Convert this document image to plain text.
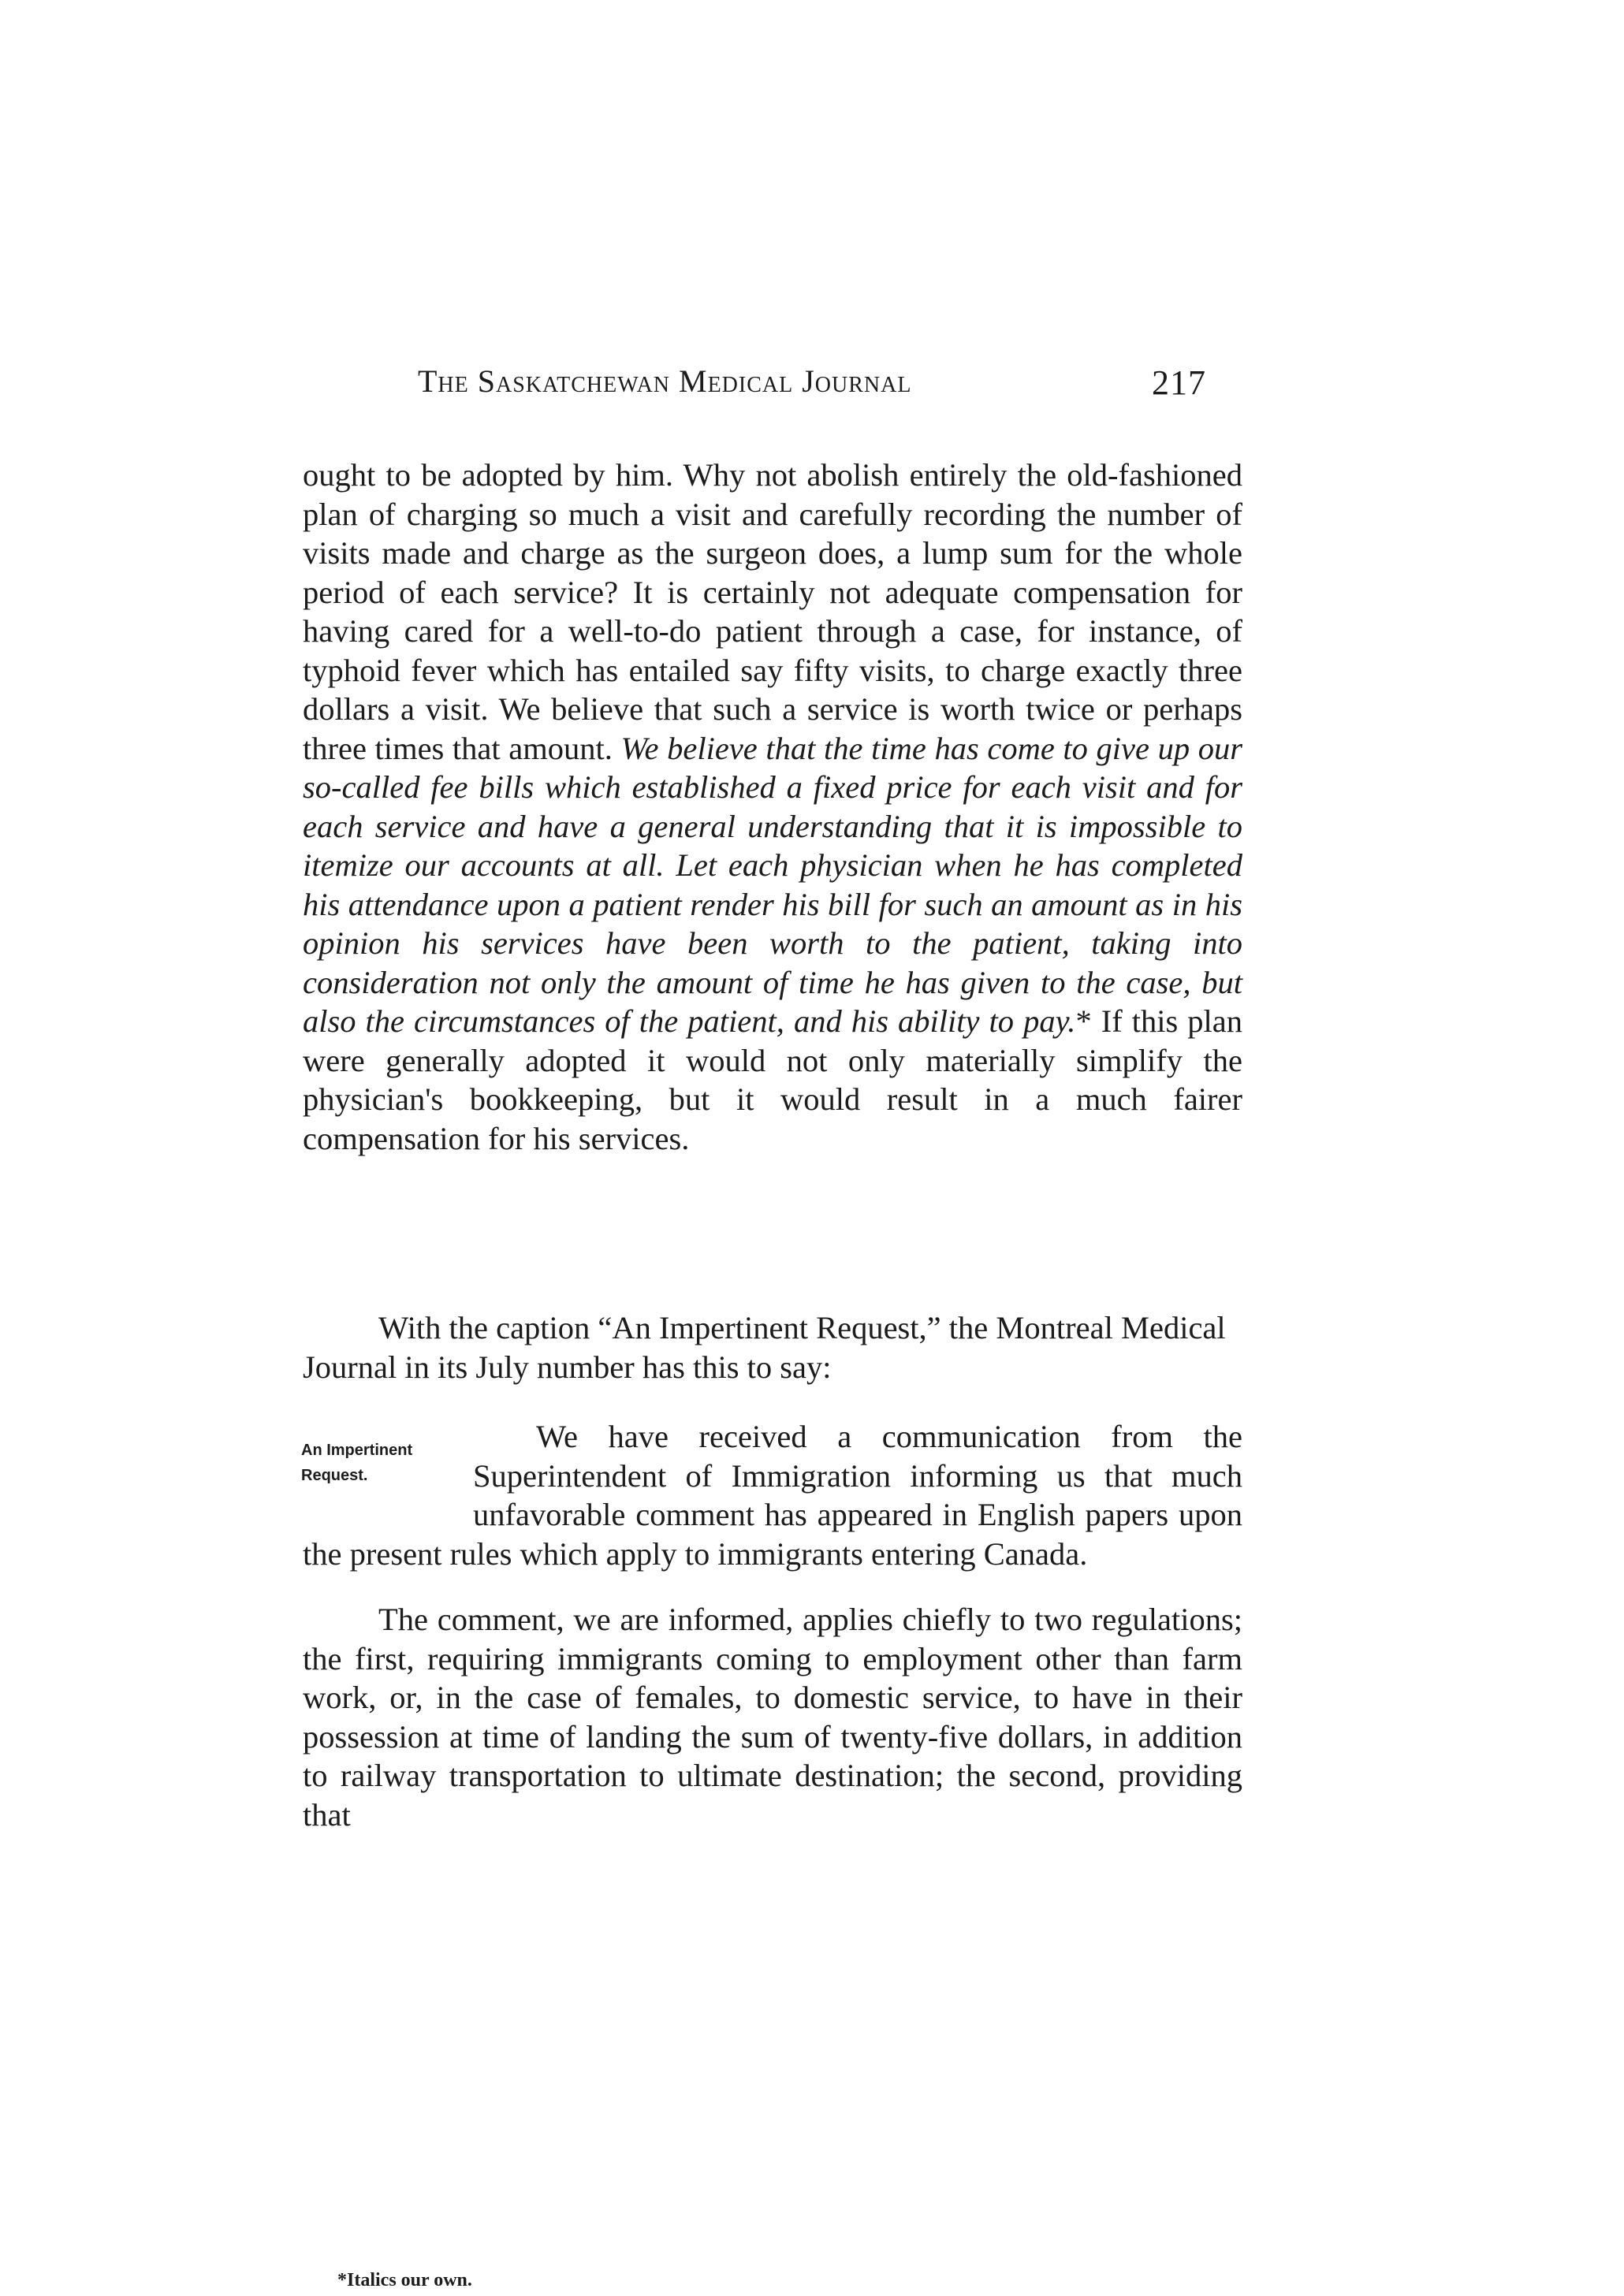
The Saskatchewan Medical Journal	217
ought to be adopted by him. Why not abolish entirely the old-fashioned plan of charging so much a visit and carefully recording the number of visits made and charge as the surgeon does, a lump sum for the whole period of each service? It is certainly not adequate compensation for having cared for a well-to-do patient through a case, for instance, of typhoid fever which has entailed say fifty visits, to charge exactly three dollars a visit. We believe that such a service is worth twice or perhaps three times that amount. We believe that the time has come to give up our so-called fee bills which established a fixed price for each visit and for each service and have a general understanding that it is impossible to itemize our accounts at all. Let each physician when he has completed his attendance upon a patient render his bill for such an amount as in his opinion his services have been worth to the patient, taking into consideration not only the amount of time he has given to the case, but also the circumstances of the patient, and his ability to pay.* If this plan were generally adopted it would not only materially simplify the physician's bookkeeping, but it would result in a much fairer compensation for his services.
With the caption “An Impertinent Request,” the Montreal Medical Journal in its July number has this to say:
An Impertinent Request.

We have received a communication from the Superintendent of Immigration informing us that much unfavorable comment has appeared in English papers upon the present rules which apply to immigrants entering Canada.

The comment, we are informed, applies chiefly to two regulations; the first, requiring immigrants coming to employment other than farm work, or, in the case of females, to domestic service, to have in their possession at time of landing the sum of twenty-five dollars, in addition to railway transportation to ultimate destination; the second, providing that

*Italics our own.
